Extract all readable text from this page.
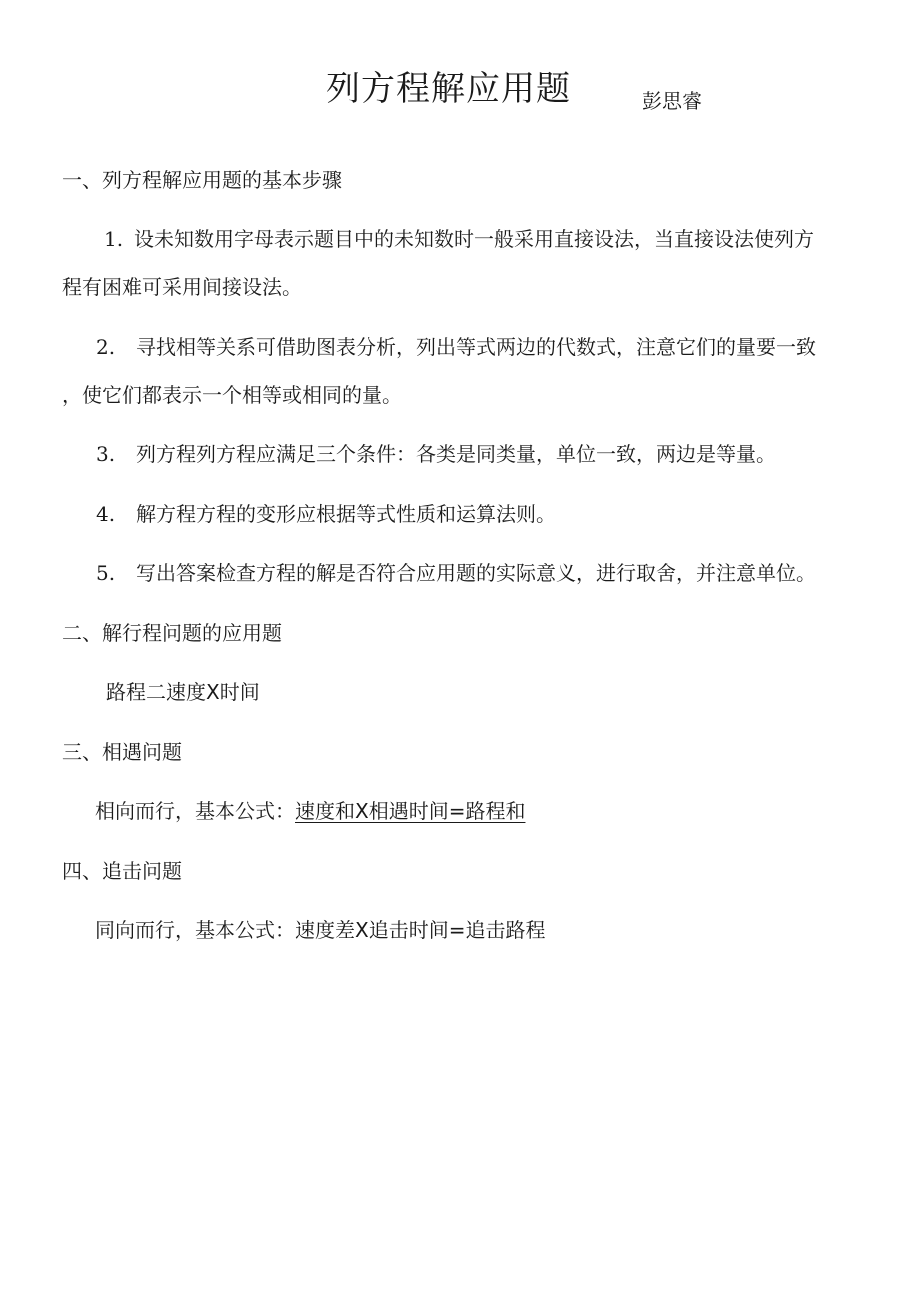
列方程解应用题	彭思睿
一、列方程解应用题的基本步骤
1. 设未知数用字母表示题目中的未知数时一般采用直接设法，当直接设法使列方
程有困难可采用间接设法。
2. 寻找相等关系可借助图表分析，列出等式两边的代数式，注意它们的量要一致
，使它们都表示一个相等或相同的量。
3. 列方程列方程应满足三个条件：各类是同类量，单位一致，两边是等量。
4. 解方程方程的变形应根据等式性质和运算法则。
5. 写出答案检查方程的解是否符合应用题的实际意义，进行取舍，并注意单位。
二、解行程问题的应用题
路程二速度X时间
三、相遇问题
相向而行，基本公式：速度和X相遇时间=路程和
四、追击问题
同向而行，基本公式：速度差X追击时间=追击路程
